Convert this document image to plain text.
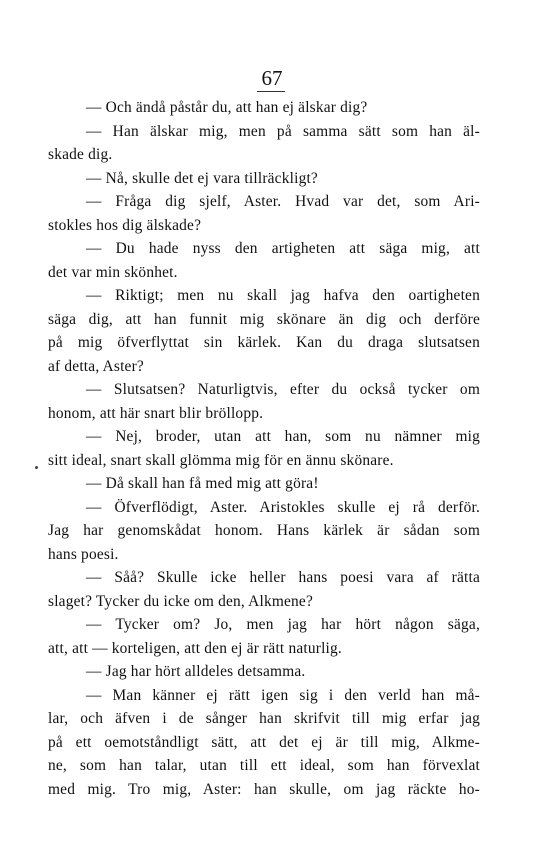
67
— Och ändå påstår du, att han ej älskar dig?
— Han älskar mig, men på samma sätt som han äl-
skade dig.
— Nå, skulle det ej vara tillräckligt?
— Fråga dig sjelf, Aster. Hvad var det, som Ari-
stokles hos dig älskade?
— Du hade nyss den artigheten att säga mig, att
det var min skönhet.
— Riktigt; men nu skall jag hafva den oartigheten
säga dig, att han funnit mig skönare än dig och derföre
på mig öfverflyttat sin kärlek. Kan du draga slutsatsen
af detta, Aster?
— Slutsatsen? Naturligtvis, efter du också tycker om
honom, att här snart blir bröllopp.
— Nej, broder, utan att han, som nu nämner mig
sitt ideal, snart skall glömma mig för en ännu skönare.
— Då skall han få med mig att göra!
— Öfverflödigt, Aster. Aristokles skulle ej rå derför.
Jag har genomskådat honom. Hans kärlek är sådan som
hans poesi.
— Såå? Skulle icke heller hans poesi vara af rätta
slaget? Tycker du icke om den, Alkmene?
— Tycker om? Jo, men jag har hört någon säga,
att, att — korteligen, att den ej är rätt naturlig.
— Jag har hört alldeles detsamma.
— Man känner ej rätt igen sig i den verld han må-
lar, och äfven i de sånger han skrifvit till mig erfar jag
på ett oemotståndligt sätt, att det ej är till mig, Alkme-
ne, som han talar, utan till ett ideal, som han förvexlat
med mig. Tro mig, Aster: han skulle, om jag räckte ho-
